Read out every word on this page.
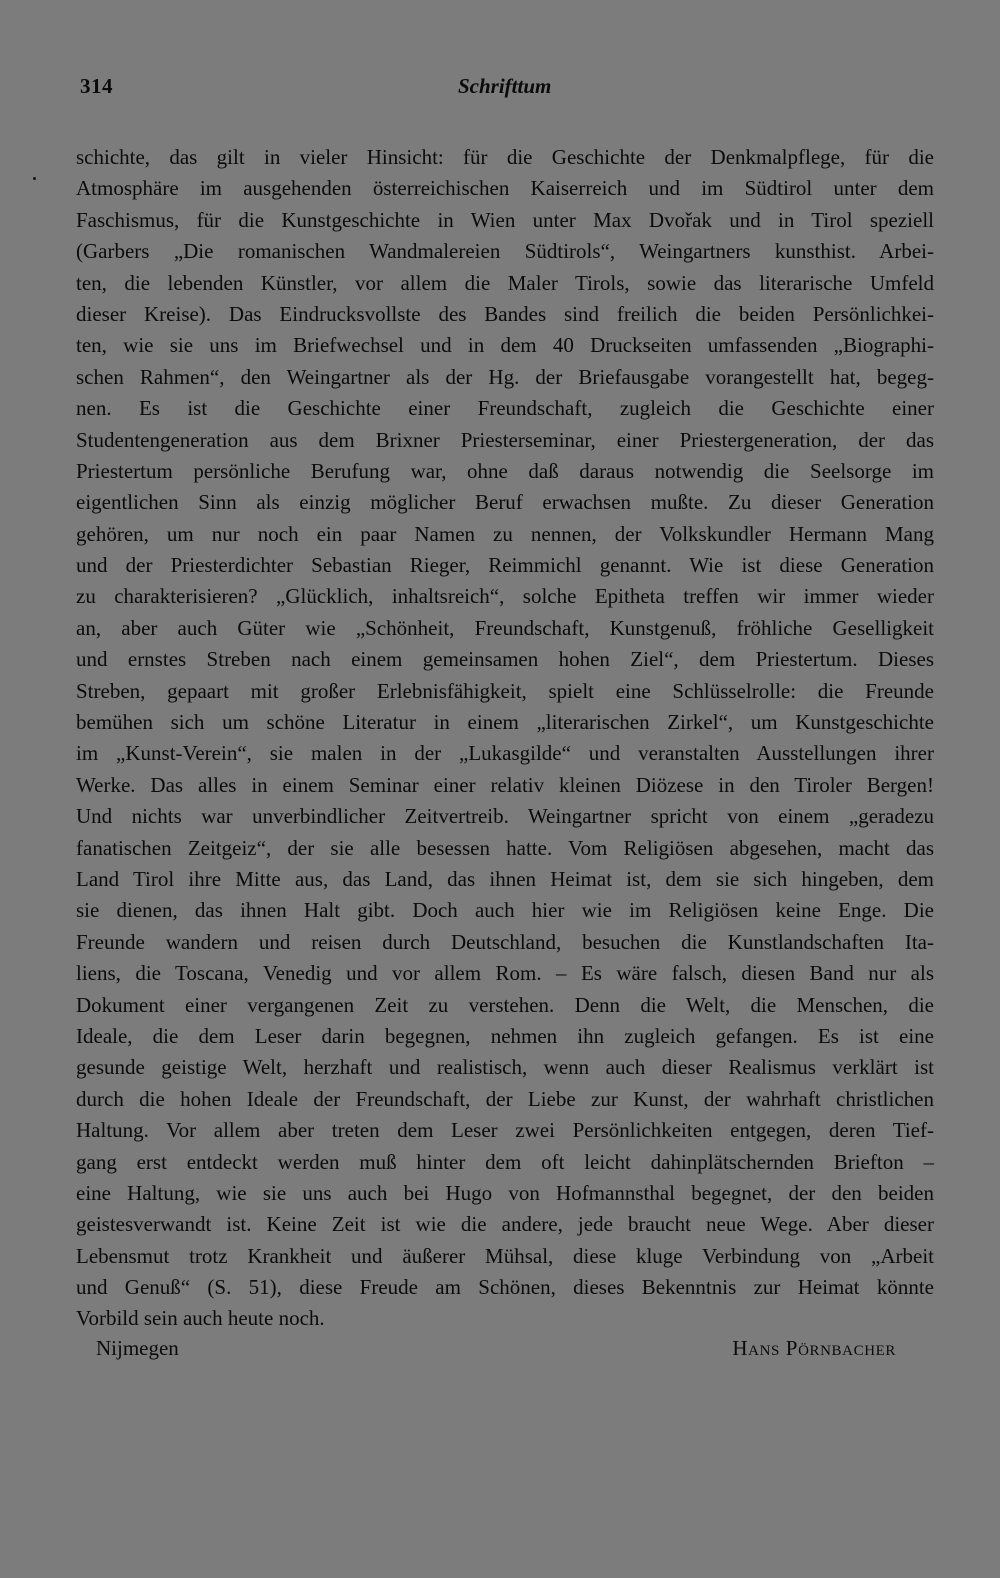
314	Schrifttum
schichte, das gilt in vieler Hinsicht: für die Geschichte der Denkmalpflege, für die
Atmosphäre im ausgehenden österreichischen Kaiserreich und im Südtirol unter dem
Faschismus, für die Kunstgeschichte in Wien unter Max Dvořak und in Tirol speziell
(Garbers „Die romanischen Wandmalereien Südtirols“, Weingartners kunsthist. Arbei-
ten, die lebenden Künstler, vor allem die Maler Tirols, sowie das literarische Umfeld
dieser Kreise). Das Eindrucksvollste des Bandes sind freilich die beiden Persönlichkei-
ten, wie sie uns im Briefwechsel und in dem 40 Druckseiten umfassenden „Biographi-
schen Rahmen“, den Weingartner als der Hg. der Briefausgabe vorangestellt hat, begeg-
nen. Es ist die Geschichte einer Freundschaft, zugleich die Geschichte einer
Studentengeneration aus dem Brixner Priesterseminar, einer Priestergeneration, der das
Priestertum persönliche Berufung war, ohne daß daraus notwendig die Seelsorge im
eigentlichen Sinn als einzig möglicher Beruf erwachsen mußte. Zu dieser Generation
gehören, um nur noch ein paar Namen zu nennen, der Volkskundler Hermann Mang
und der Priesterdichter Sebastian Rieger, Reimmichl genannt. Wie ist diese Generation
zu charakterisieren? „Glücklich, inhaltsreich“, solche Epitheta treffen wir immer wieder
an, aber auch Güter wie „Schönheit, Freundschaft, Kunstgenuß, fröhliche Geselligkeit
und ernstes Streben nach einem gemeinsamen hohen Ziel“, dem Priestertum. Dieses
Streben, gepaart mit großer Erlebnisfähigkeit, spielt eine Schlüsselrolle: die Freunde
bemühen sich um schöne Literatur in einem „literarischen Zirkel“, um Kunstgeschichte
im „Kunst-Verein“, sie malen in der „Lukasgilde“ und veranstalten Ausstellungen ihrer
Werke. Das alles in einem Seminar einer relativ kleinen Diözese in den Tiroler Bergen!
Und nichts war unverbindlicher Zeitvertreib. Weingartner spricht von einem „geradezu
fanatischen Zeitgeiz“, der sie alle besessen hatte. Vom Religiösen abgesehen, macht das
Land Tirol ihre Mitte aus, das Land, das ihnen Heimat ist, dem sie sich hingeben, dem
sie dienen, das ihnen Halt gibt. Doch auch hier wie im Religiösen keine Enge. Die
Freunde wandern und reisen durch Deutschland, besuchen die Kunstlandschaften Ita-
liens, die Toscana, Venedig und vor allem Rom. – Es wäre falsch, diesen Band nur als
Dokument einer vergangenen Zeit zu verstehen. Denn die Welt, die Menschen, die
Ideale, die dem Leser darin begegnen, nehmen ihn zugleich gefangen. Es ist eine
gesunde geistige Welt, herzhaft und realistisch, wenn auch dieser Realismus verklärt ist
durch die hohen Ideale der Freundschaft, der Liebe zur Kunst, der wahrhaft christlichen
Haltung. Vor allem aber treten dem Leser zwei Persönlichkeiten entgegen, deren Tief-
gang erst entdeckt werden muß hinter dem oft leicht dahinplätschernden Briefton –
eine Haltung, wie sie uns auch bei Hugo von Hofmannsthal begegnet, der den beiden
geistesverwandt ist. Keine Zeit ist wie die andere, jede braucht neue Wege. Aber dieser
Lebensmut trotz Krankheit und äußerer Mühsal, diese kluge Verbindung von „Arbeit
und Genuß“ (S. 51), diese Freude am Schönen, dieses Bekenntnis zur Heimat könnte
Vorbild sein auch heute noch.
Nijmegen	Hans Pörnbacher
